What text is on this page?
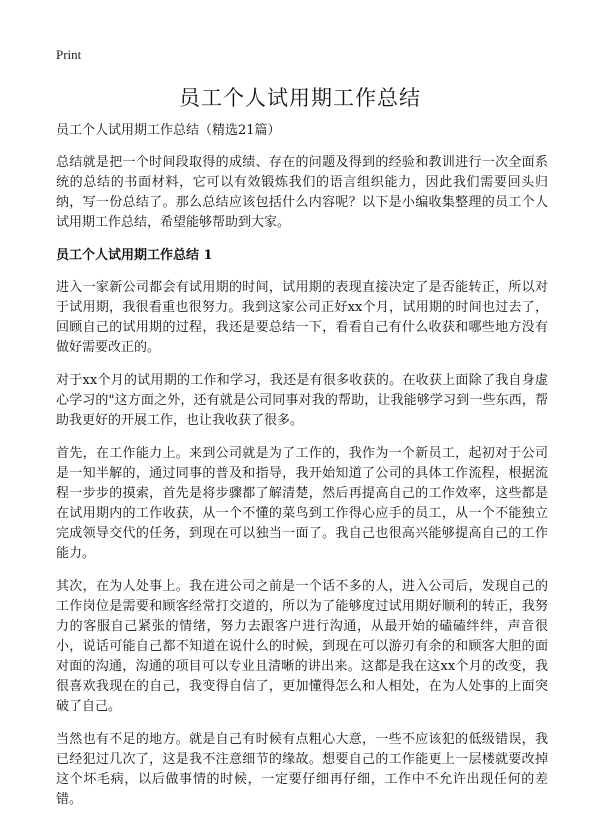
Print
员工个人试用期工作总结

员工个人试用期工作总结（精选21篇）

总结就是把一个时间段取得的成绩、存在的问题及得到的经验和教训进行一次全面系统的总结的书面材料，它可以有效锻炼我们的语言组织能力，因此我们需要回头归纳，写一份总结了。那么总结应该包括什么内容呢？以下是小编收集整理的员工个人试用期工作总结，希望能够帮助到大家。

员工个人试用期工作总结 1

进入一家新公司都会有试用期的时间，试用期的表现直接决定了是否能转正，所以对于试用期，我很看重也很努力。我到这家公司正好xx个月，试用期的时间也过去了，回顾自己的试用期的过程，我还是要总结一下，看看自己有什么收获和哪些地方没有做好需要改正的。

对于xx个月的试用期的工作和学习，我还是有很多收获的。在收获上面除了我自身虚心学习的"这方面之外，还有就是公司同事对我的帮助，让我能够学习到一些东西，帮助我更好的开展工作，也让我收获了很多。

首先，在工作能力上。来到公司就是为了工作的，我作为一个新员工，起初对于公司是一知半解的，通过同事的普及和指导，我开始知道了公司的具体工作流程，根据流程一步步的摸索，首先是将步骤都了解清楚，然后再提高自己的工作效率，这些都是在试用期内的工作收获，从一个不懂的菜鸟到工作得心应手的员工，从一个不能独立完成领导交代的任务，到现在可以独当一面了。我自己也很高兴能够提高自己的工作能力。

其次，在为人处事上。我在进公司之前是一个话不多的人，进入公司后，发现自己的工作岗位是需要和顾客经常打交道的，所以为了能够度过试用期好顺利的转正，我努力的客服自己紧张的情绪，努力去跟客户进行沟通，从最开始的磕磕绊绊，声音很小，说话可能自己都不知道在说什么的时候，到现在可以游刃有余的和顾客大胆的面对面的沟通，沟通的项目可以专业且清晰的讲出来。这都是我在这xx个月的改变，我很喜欢我现在的自己，我变得自信了，更加懂得怎么和人相处，在为人处事的上面突破了自己。

当然也有不足的地方。就是自己有时候有点粗心大意，一些不应该犯的低级错误，我已经犯过几次了，这是我不注意细节的缘故。想要自己的工作能更上一层楼就要改掉这个坏毛病，以后做事情的时候，一定要仔细再仔细，工作中不允许出现任何的差错。
